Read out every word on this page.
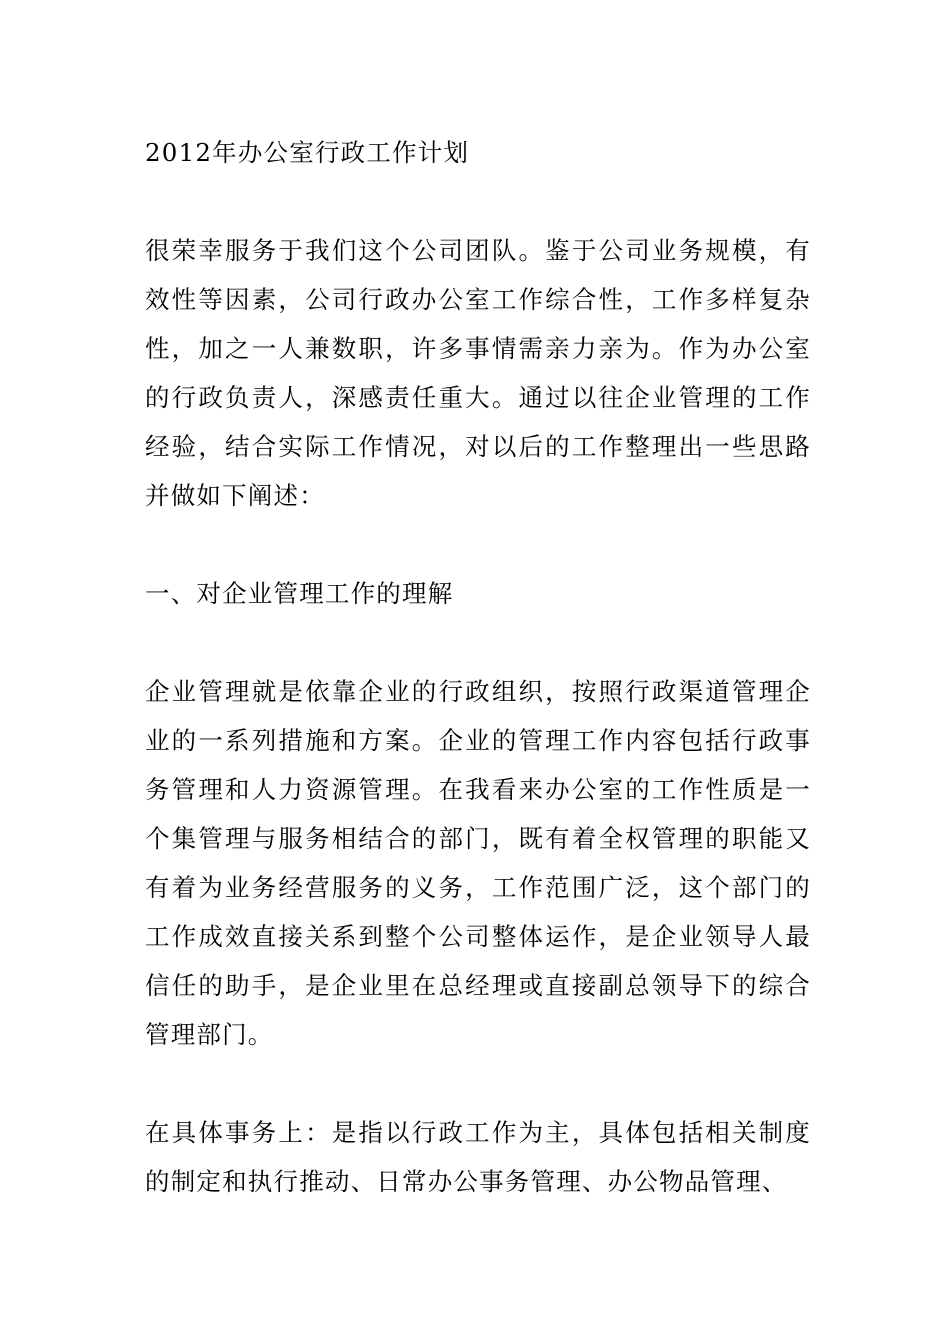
2012年办公室行政工作计划

很荣幸服务于我们这个公司团队。鉴于公司业务规模，有效性等因素，公司行政办公室工作综合性，工作多样复杂性，加之一人兼数职，许多事情需亲力亲为。作为办公室的行政负责人，深感责任重大。通过以往企业管理的工作经验，结合实际工作情况，对以后的工作整理出一些思路并做如下阐述：

一、对企业管理工作的理解

企业管理就是依靠企业的行政组织，按照行政渠道管理企业的一系列措施和方案。企业的管理工作内容包括行政事务管理和人力资源管理。在我看来办公室的工作性质是一个集管理与服务相结合的部门，既有着全权管理的职能又有着为业务经营服务的义务，工作范围广泛，这个部门的工作成效直接关系到整个公司整体运作，是企业领导人最信任的助手，是企业里在总经理或直接副总领导下的综合管理部门。

在具体事务上：是指以行政工作为主，具体包括相关制度的制定和执行推动、日常办公事务管理、办公物品管理、
